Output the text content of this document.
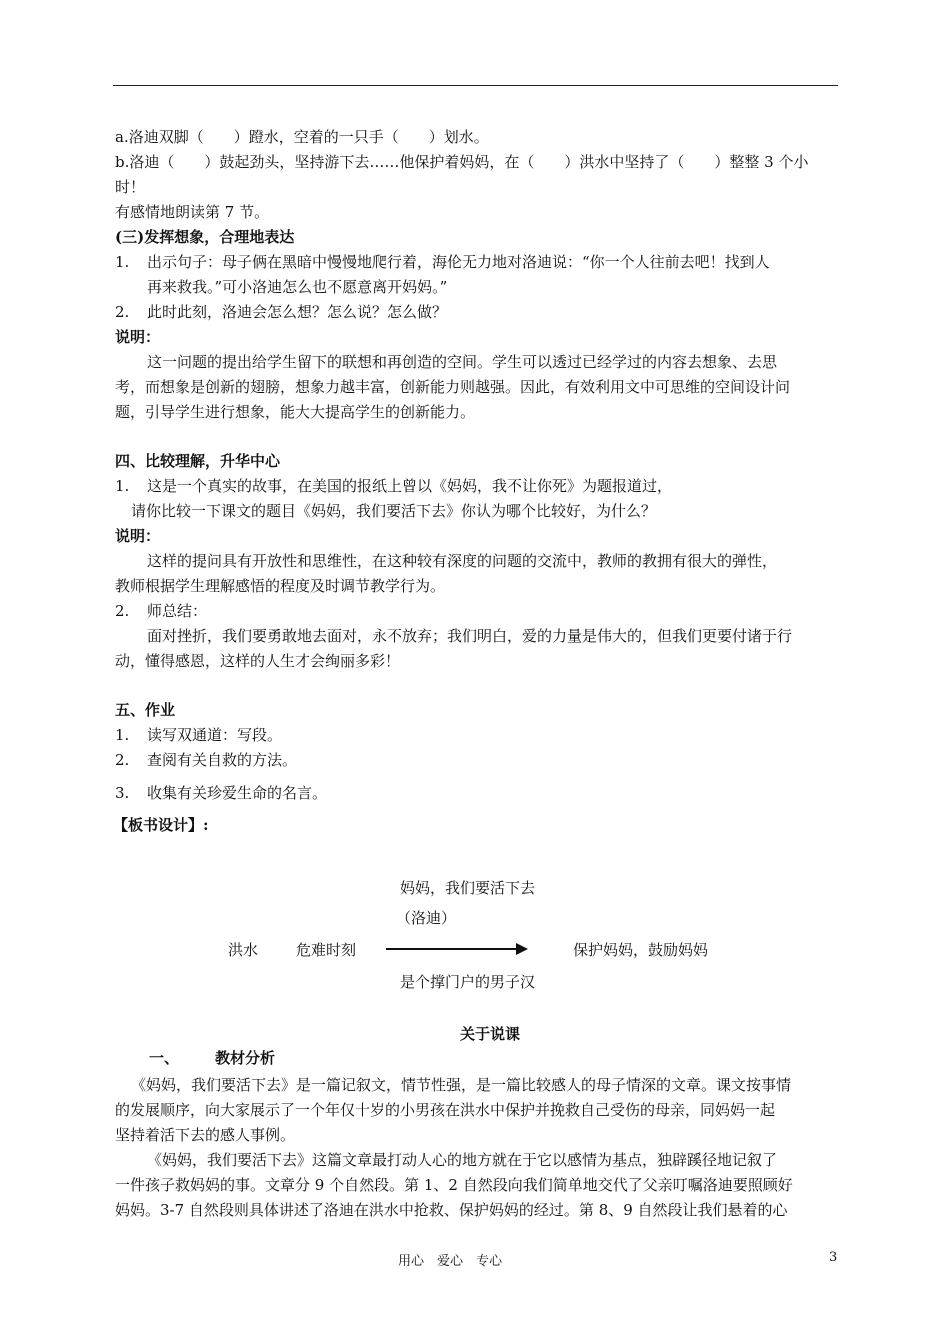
a.洛迪双脚（　　）蹬水，空着的一只手（　　）划水。
b.洛迪（　　）鼓起劲头，坚持游下去……他保护着妈妈，在（　　）洪水中坚持了（　　）整整 3 个小
时！
有感情地朗读第 7 节。
(三)发挥想象，合理地表达
1. 出示句子：母子俩在黑暗中慢慢地爬行着，海伦无力地对洛迪说：“你一个人往前去吧！找到人
再来救我。”可小洛迪怎么也不愿意离开妈妈。”
2. 此时此刻，洛迪会怎么想？怎么说？怎么做？
说明：
这一问题的提出给学生留下的联想和再创造的空间。学生可以透过已经学过的内容去想象、去思
考，而想象是创新的翅膀，想象力越丰富，创新能力则越强。因此，有效利用文中可思维的空间设计问
题，引导学生进行想象，能大大提高学生的创新能力。
四、比较理解，升华中心
1. 这是一个真实的故事，在美国的报纸上曾以《妈妈，我不让你死》为题报道过，
请你比较一下课文的题目《妈妈，我们要活下去》你认为哪个比较好，为什么？
说明：
这样的提问具有开放性和思维性，在这种较有深度的问题的交流中，教师的教拥有很大的弹性，
教师根据学生理解感悟的程度及时调节教学行为。
2. 师总结：
面对挫折，我们要勇敢地去面对，永不放弃；我们明白，爱的力量是伟大的，但我们更要付诸于行
动，懂得感恩，这样的人生才会绚丽多彩！
五、作业
1. 读写双通道：写段。
2. 查阅有关自救的方法。
3. 收集有关珍爱生命的名言。
【板书设计】:
妈妈，我们要活下去
（洛迪）
洪水	危难时刻	保护妈妈，鼓励妈妈
是个撑门户的男子汉
关于说课
一、 教材分析
《妈妈，我们要活下去》是一篇记叙文，情节性强，是一篇比较感人的母子情深的文章。课文按事情
的发展顺序，向大家展示了一个年仅十岁的小男孩在洪水中保护并挽救自己受伤的母亲，同妈妈一起
坚持着活下去的感人事例。
《妈妈，我们要活下去》这篇文章最打动人心的地方就在于它以感情为基点，独辟蹊径地记叙了
一件孩子救妈妈的事。文章分 9 个自然段。第 1、2 自然段向我们简单地交代了父亲叮嘱洛迪要照顾好
妈妈。3-7 自然段则具体讲述了洛迪在洪水中抢救、保护妈妈的经过。第 8、9 自然段让我们悬着的心
用心　爱心　专心	3
